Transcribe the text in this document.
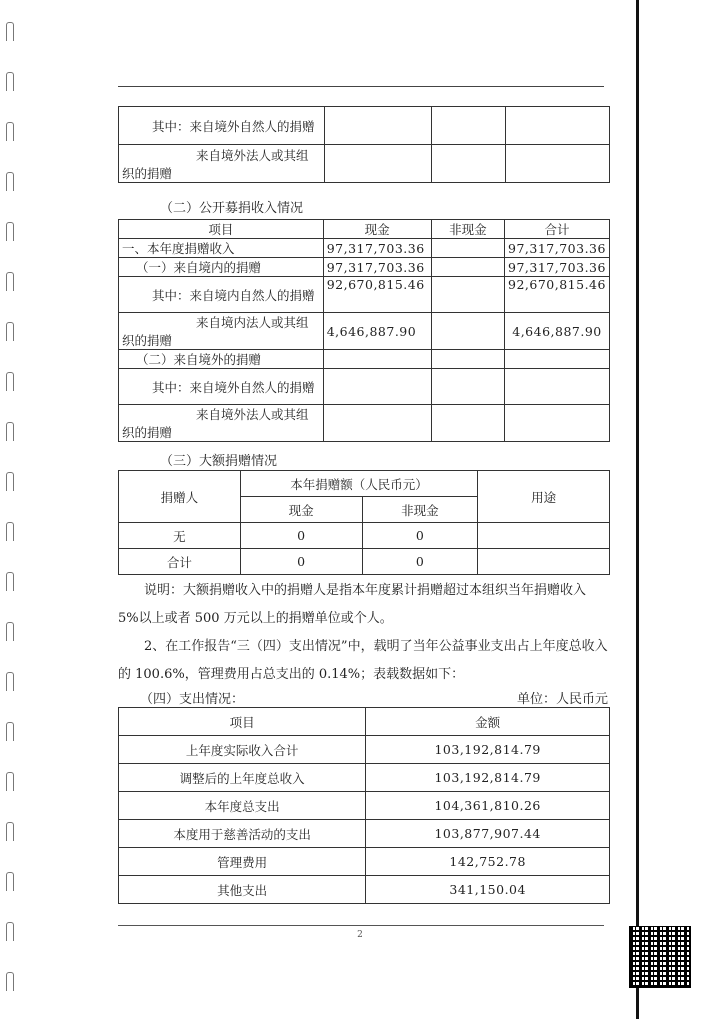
其中：来自境外自然人的捐赠			
来自境外法人或其组织的捐赠			
（二）公开募捐收入情况
项目	现金	非现金	合计
一、本年度捐赠收入	97,317,703.36		97,317,703.36
（一）来自境内的捐赠	97,317,703.36		97,317,703.36
其中：来自境内自然人的捐赠	92,670,815.46		92,670,815.46
来自境内法人或其组织的捐赠	4,646,887.90		4,646,887.90
（二）来自境外的捐赠			
其中：来自境外自然人的捐赠			
来自境外法人或其组织的捐赠			
（三）大额捐赠情况
捐赠人	本年捐赠额（人民币元）		用途
	现金	非现金	
无	0	0	
合计	0	0	
说明：大额捐赠收入中的捐赠人是指本年度累计捐赠超过本组织当年捐赠收入 5%以上或者 500 万元以上的捐赠单位或个人。
2、在工作报告“三（四）支出情况”中，载明了当年公益事业支出占上年度总收入的 100.6%，管理费用占总支出的 0.14%；表载数据如下：
（四）支出情况：	单位：人民币元
项目	金额
上年度实际收入合计	103,192,814.79
调整后的上年度总收入	103,192,814.79
本年度总支出	104,361,810.26
本度用于慈善活动的支出	103,877,907.44
管理费用	142,752.78
其他支出	341,150.04
2
